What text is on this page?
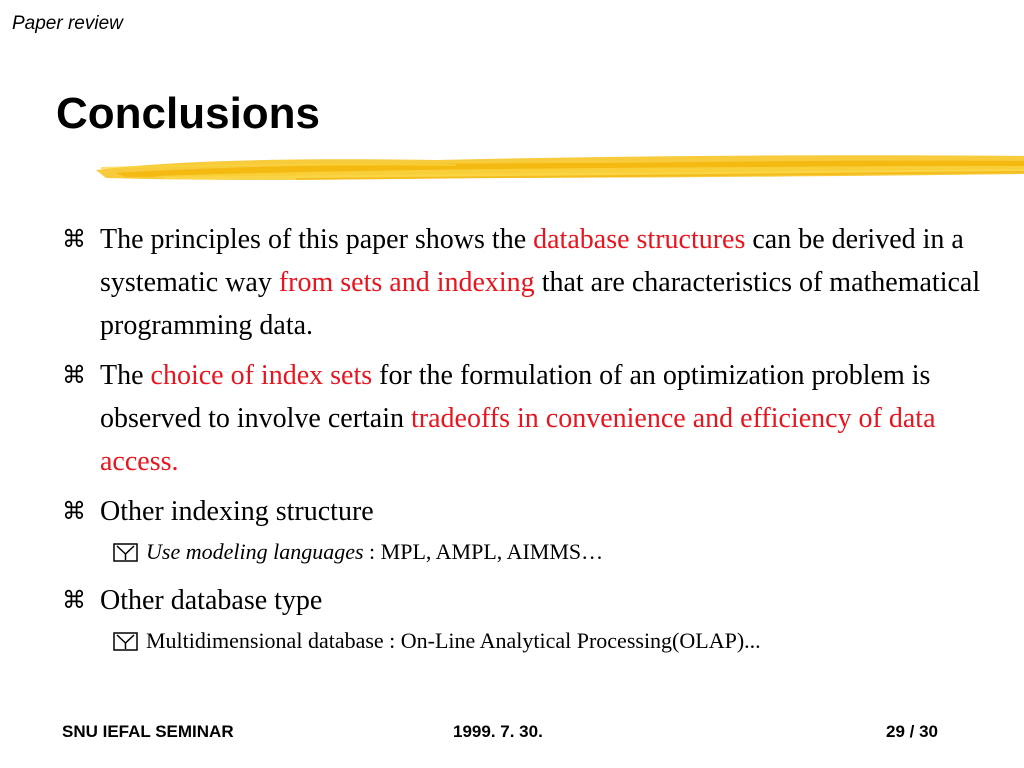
Paper review
Conclusions
⌘ The principles of this paper shows the database structures can be derived in a systematic way from sets and indexing that are characteristics of mathematical programming data.
⌘ The choice of index sets for the formulation of an optimization problem is observed to involve certain tradeoffs in convenience and efficiency of data access.
⌘ Other indexing structure
Use modeling languages : MPL, AMPL, AIMMS…
⌘ Other database type
Multidimensional database : On-Line Analytical Processing(OLAP)...
SNU IEFAL SEMINAR	1999. 7. 30.	29 / 30
